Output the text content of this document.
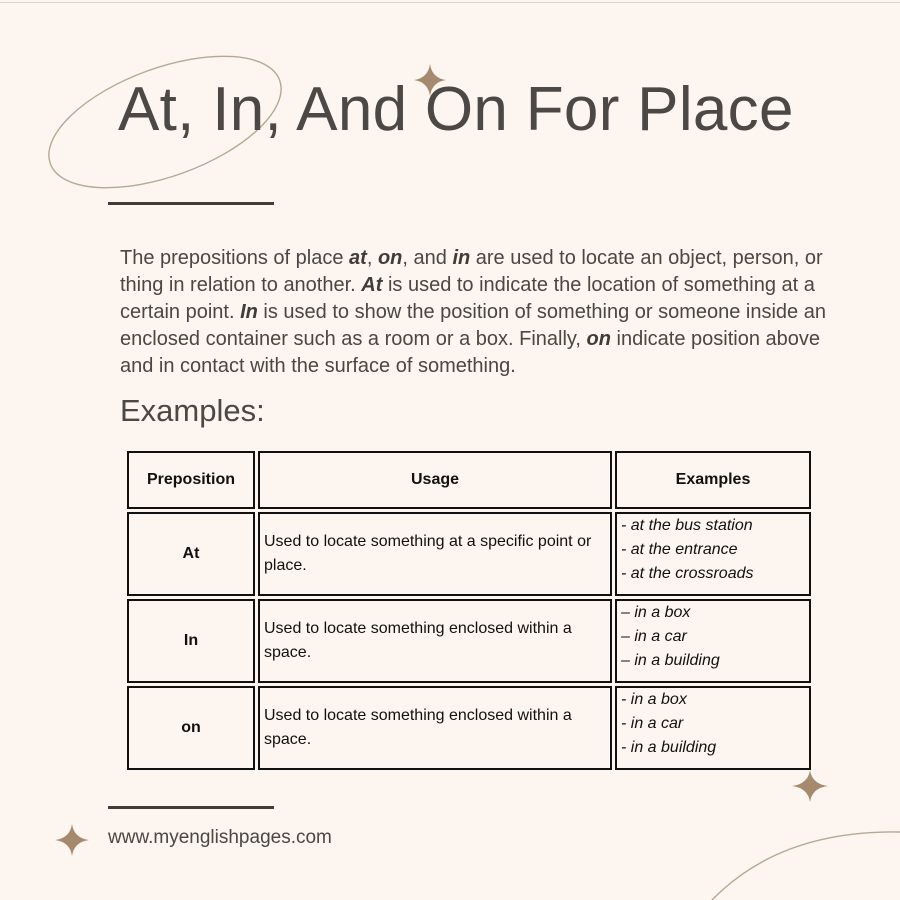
At, In, And On For Place

The prepositions of place at, on, and in are used to locate an object, person, or thing in relation to another. At is used to indicate the location of something at a certain point. In is used to show the position of something or someone inside an enclosed container such as a room or a box. Finally, on indicate position above and in contact with the surface of something.

Examples:
Preposition	Usage	Examples
At	Used to locate something at a specific point or place.	- at the bus station
- at the entrance
- at the crossroads

In	Used to locate something enclosed within a space.	– in a box
– in a car
– in a building

on	Used to locate something enclosed within a space.	- in a box
- in a car
- in a building

www.myenglishpages.com
